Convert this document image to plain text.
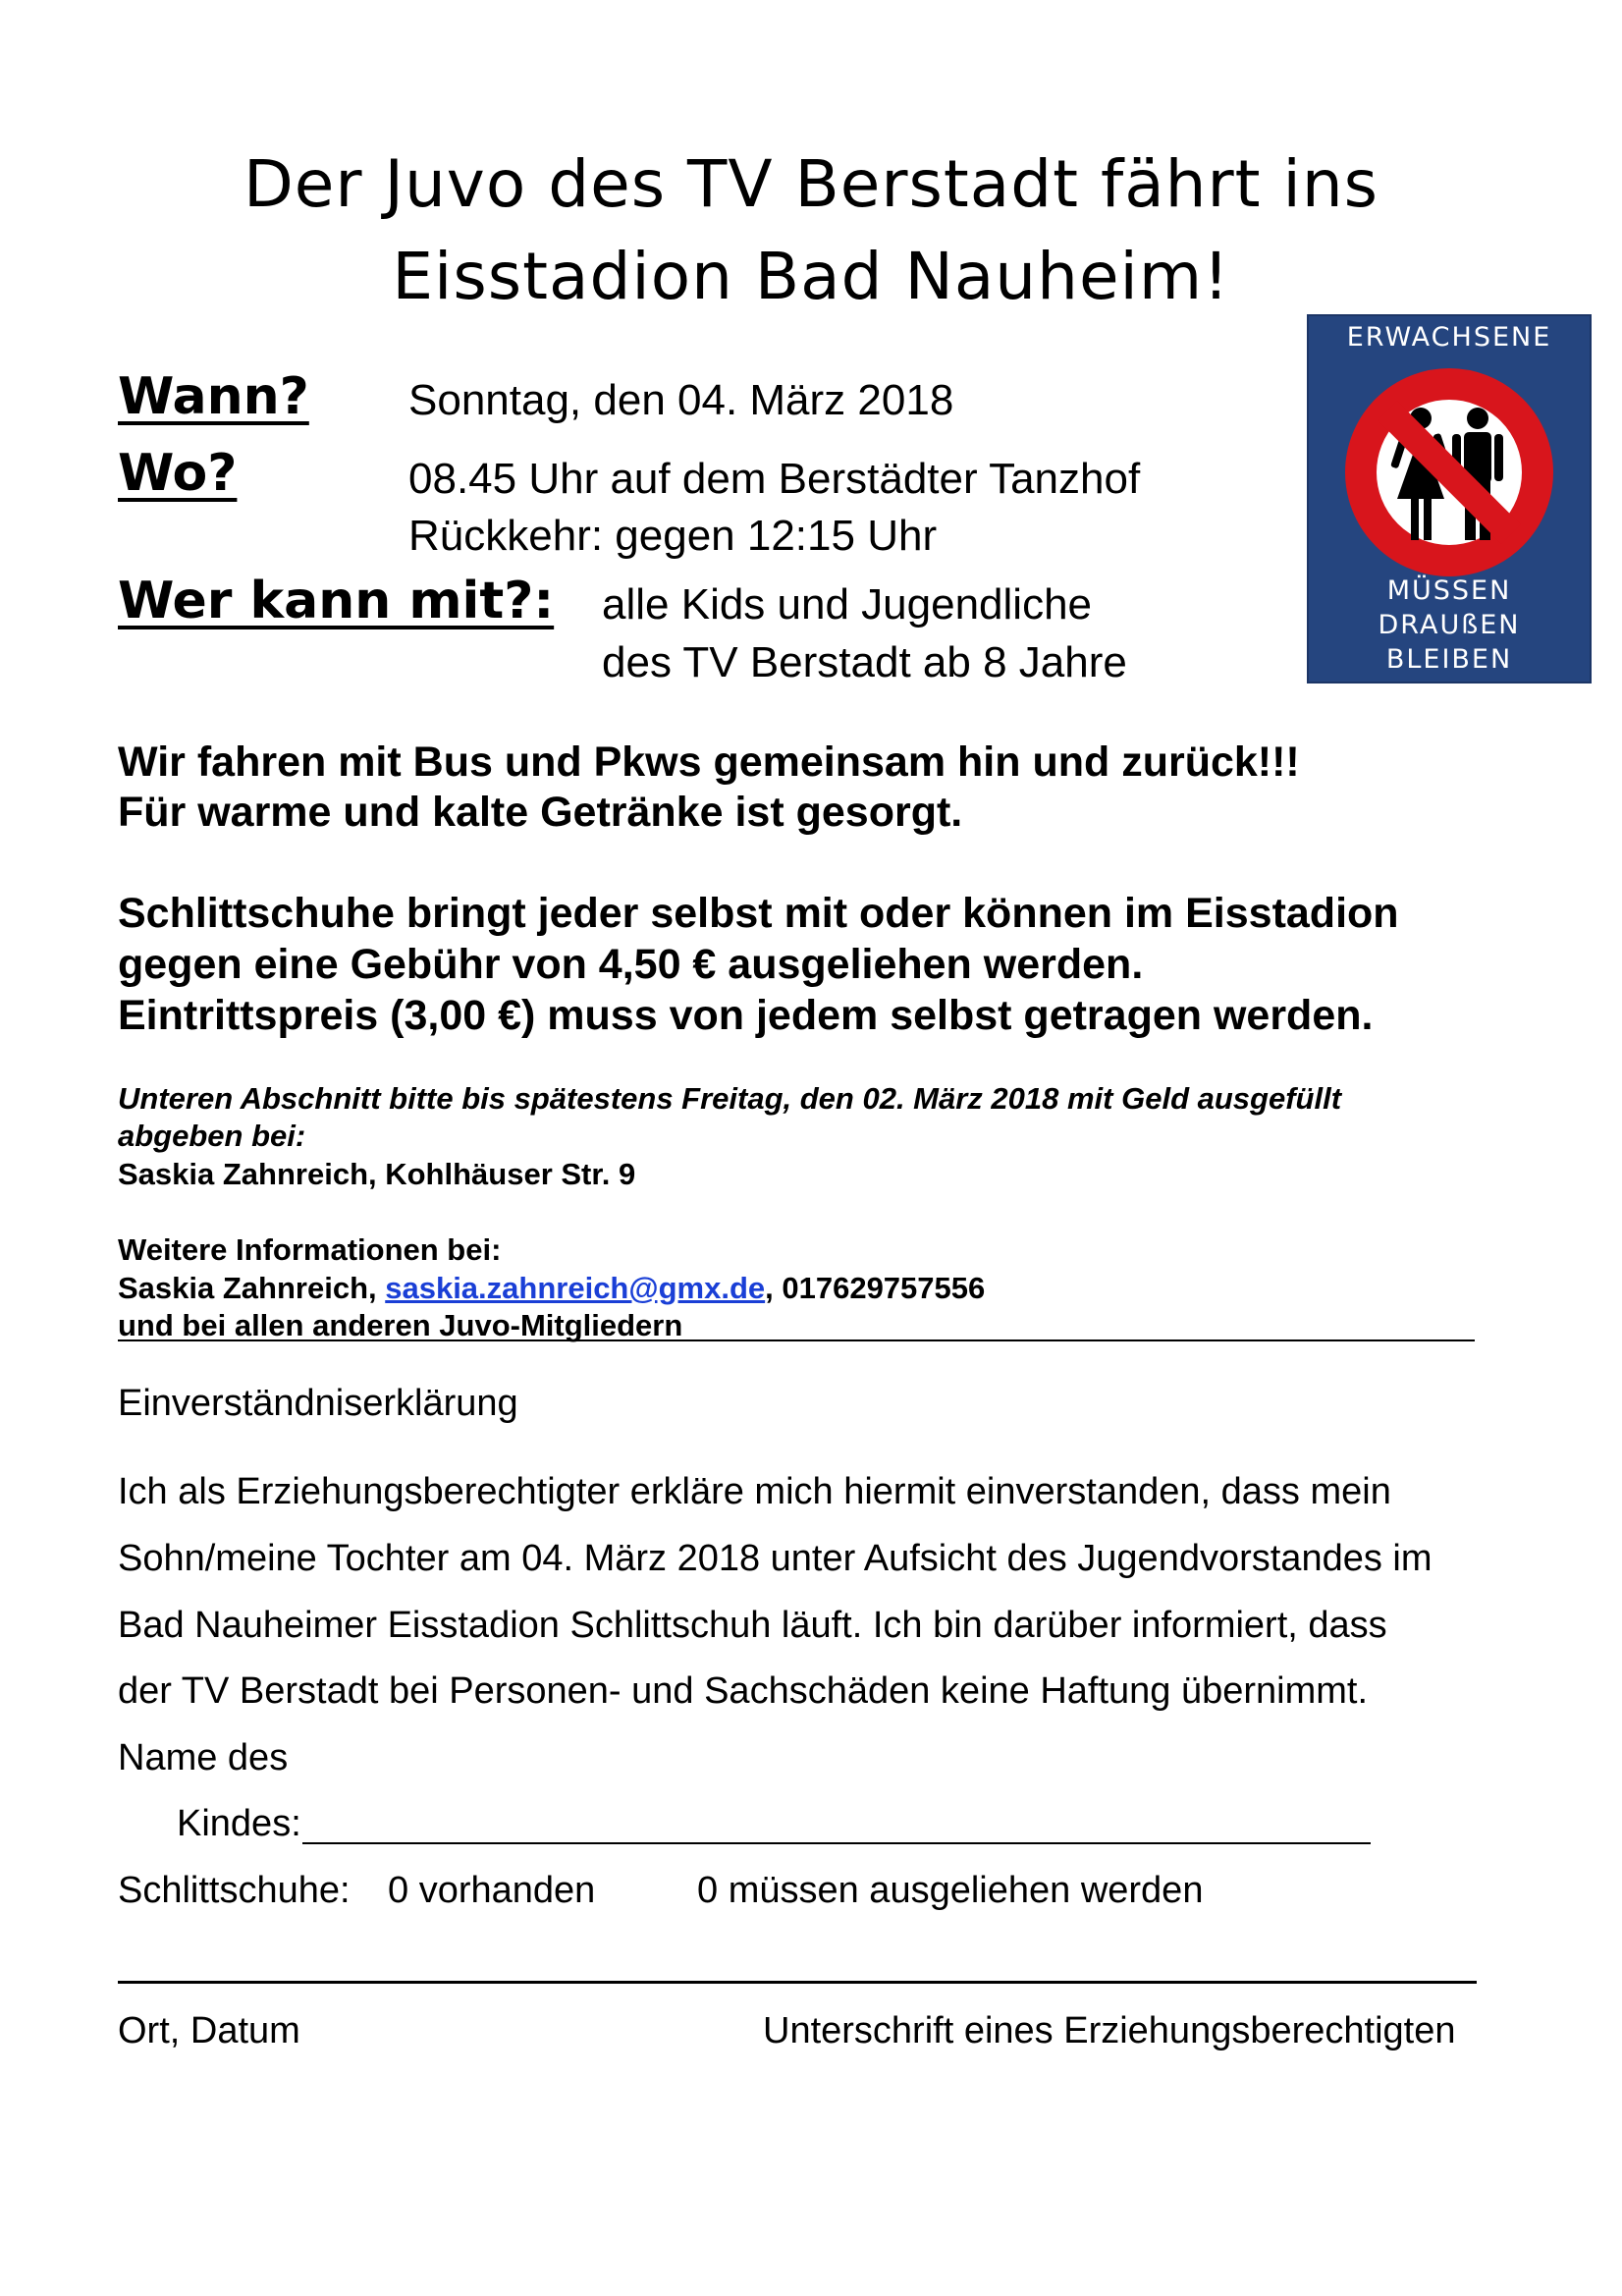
Der Juvo des TV Berstadt fährt ins
Eisstadion Bad Nauheim!
ERWACHSENE
MÜSSEN
DRAUßEN
BLEIBEN
Wann? Sonntag, den 04. März 2018
Wo?	08.45 Uhr auf dem Berstädter Tanzhof
Rückkehr: gegen 12:15 Uhr
Wer kann mit?: alle Kids und Jugendliche
des TV Berstadt ab 8 Jahre
Wir fahren mit Bus und Pkws gemeinsam hin und zurück!!!
Für warme und kalte Getränke ist gesorgt.
Schlittschuhe bringt jeder selbst mit oder können im Eisstadion
gegen eine Gebühr von 4,50 € ausgeliehen werden.
Eintrittspreis (3,00 €) muss von jedem selbst getragen werden.
Unteren Abschnitt bitte bis spätestens Freitag, den 02. März 2018 mit Geld ausgefüllt
abgeben bei:
Saskia Zahnreich, Kohlhäuser Str. 9
Weitere Informationen bei:
Saskia Zahnreich, saskia.zahnreich@gmx.de, 017629757556
und bei allen anderen Juvo-Mitgliedern
Einverständniserklärung
Ich als Erziehungsberechtigter erkläre mich hiermit einverstanden, dass mein
Sohn/meine Tochter am 04. März 2018 unter Aufsicht des Jugendvorstandes im
Bad Nauheimer Eisstadion Schlittschuh läuft. Ich bin darüber informiert, dass
der TV Berstadt bei Personen- und Sachschäden keine Haftung übernimmt.
Name des
Kindes:
Schlittschuhe: 0 vorhanden	0 müssen ausgeliehen werden
Ort, Datum	Unterschrift eines Erziehungsberechtigten
